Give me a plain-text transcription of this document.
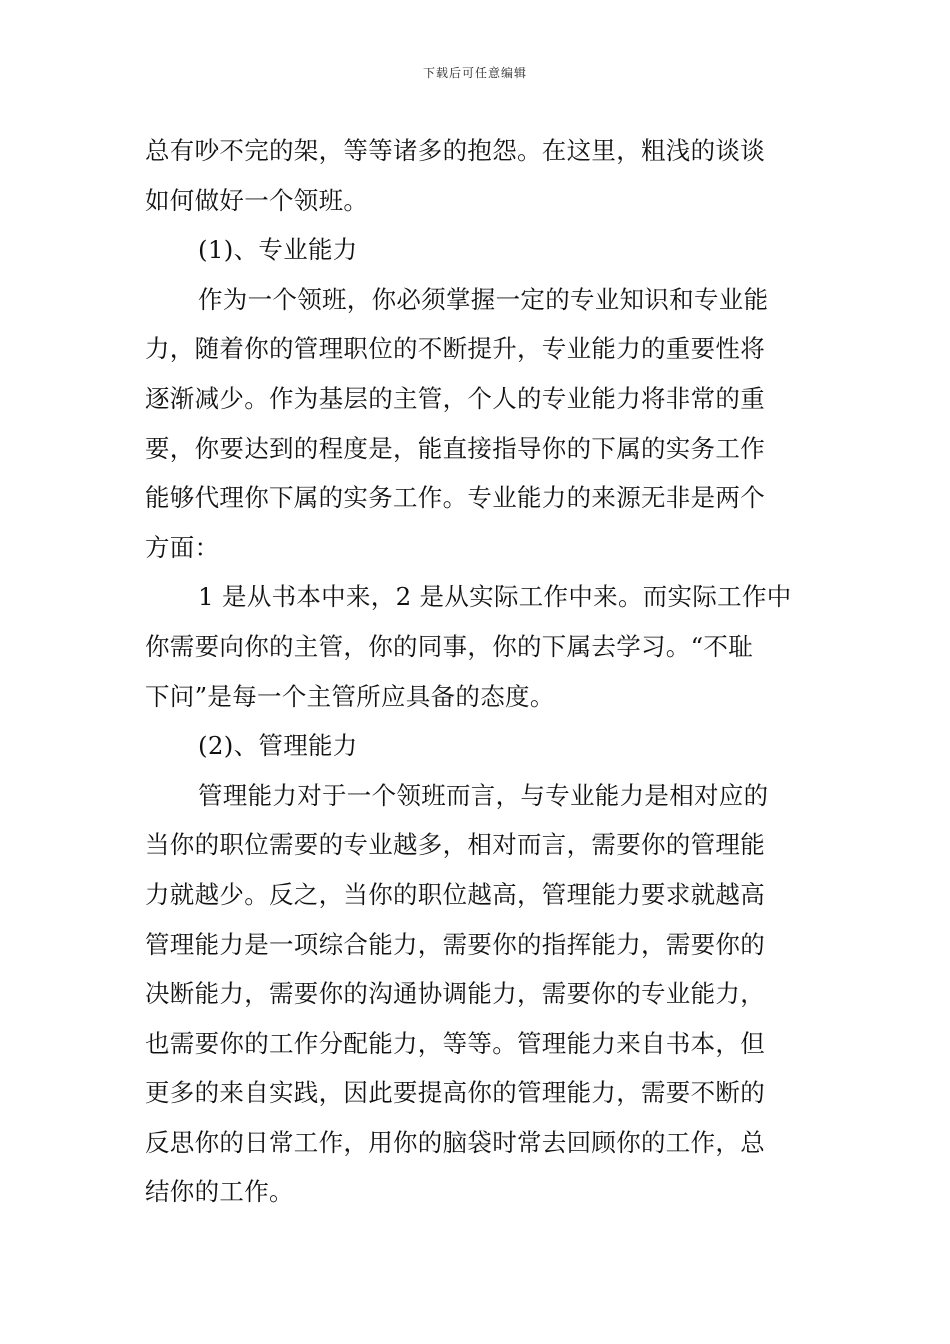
下载后可任意编辑
总有吵不完的架，等等诸多的抱怨。在这里，粗浅的谈谈
如何做好一个领班。
(1)、专业能力
作为一个领班，你必须掌握一定的专业知识和专业能
力，随着你的管理职位的不断提升，专业能力的重要性将
逐渐减少。作为基层的主管，个人的专业能力将非常的重
要，你要达到的程度是，能直接指导你的下属的实务工作
能够代理你下属的实务工作。专业能力的来源无非是两个
方面：
1 是从书本中来，2 是从实际工作中来。而实际工作中
你需要向你的主管，你的同事，你的下属去学习。“不耻
下问”是每一个主管所应具备的态度。
(2)、管理能力
管理能力对于一个领班而言，与专业能力是相对应的
当你的职位需要的专业越多，相对而言，需要你的管理能
力就越少。反之，当你的职位越高，管理能力要求就越高
管理能力是一项综合能力，需要你的指挥能力，需要你的
决断能力，需要你的沟通协调能力，需要你的专业能力，
也需要你的工作分配能力，等等。管理能力来自书本，但
更多的来自实践，因此要提高你的管理能力，需要不断的
反思你的日常工作，用你的脑袋时常去回顾你的工作，总
结你的工作。
